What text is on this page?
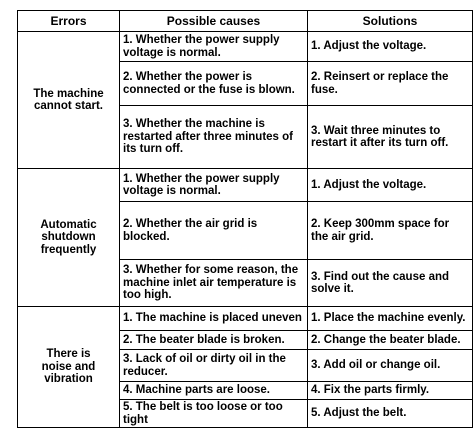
Errors	Possible causes	Solutions

The machine
cannot start.	1. Whether the power supply voltage is normal.	1. Adjust the voltage.
	2. Whether the power is connected or the fuse is blown.	2. Reinsert or replace the fuse.
	3. Whether the machine is restarted after three minutes of its turn off.	3. Wait three minutes to restart it after its turn off.

Automatic
shutdown
frequently	1. Whether the power supply voltage is normal.	1. Adjust the voltage.
	2. Whether the air grid is blocked.	2. Keep 300mm space for the air grid.
	3. Whether for some reason, the machine inlet air temperature is too high.	3. Find out the cause and solve it.

There is
noise and
vibration	1. The machine is placed uneven	1. Place the machine evenly.
	2. The beater blade is broken.	2. Change the beater blade.
	3. Lack of oil or dirty oil in the reducer.	3. Add oil or change oil.
	4. Machine parts are loose.	4. Fix the parts firmly.
	5. The belt is too loose or too tight	5. Adjust the belt.
